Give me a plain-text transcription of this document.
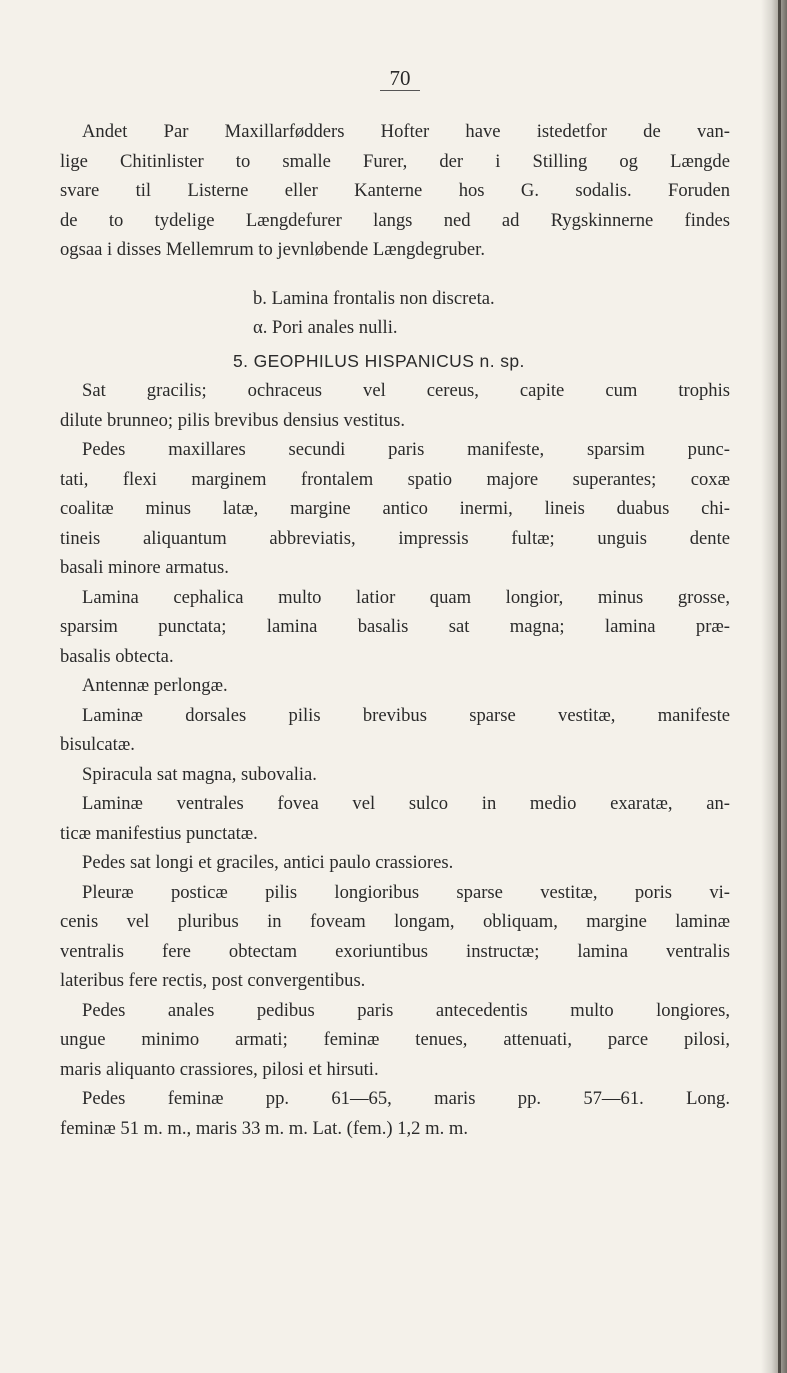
70
Andet Par Maxillarfødders Hofter have istedetfor de van-
lige Chitinlister to smalle Furer, der i Stilling og Længde
svare til Listerne eller Kanterne hos G. sodalis. Foruden
de to tydelige Længdefurer langs ned ad Rygskinnerne findes
ogsaa i disses Mellemrum to jevnløbende Længdegruber.
b. Lamina frontalis non discreta.
α. Pori anales nulli.
5. GEOPHILUS HISPANICUS n. sp.
Sat gracilis; ochraceus vel cereus, capite cum trophis
dilute brunneo; pilis brevibus densius vestitus.
Pedes maxillares secundi paris manifeste, sparsim punc-
tati, flexi marginem frontalem spatio majore superantes; coxæ
coalitæ minus latæ, margine antico inermi, lineis duabus chi-
tineis aliquantum abbreviatis, impressis fultæ; unguis dente
basali minore armatus.
Lamina cephalica multo latior quam longior, minus grosse,
sparsim punctata; lamina basalis sat magna; lamina præ-
basalis obtecta.
Antennæ perlongæ.
Laminæ dorsales pilis brevibus sparse vestitæ, manifeste
bisulcatæ.
Spiracula sat magna, subovalia.
Laminæ ventrales fovea vel sulco in medio exaratæ, an-
ticæ manifestius punctatæ.
Pedes sat longi et graciles, antici paulo crassiores.
Pleuræ posticæ pilis longioribus sparse vestitæ, poris vi-
cenis vel pluribus in foveam longam, obliquam, margine laminæ
ventralis fere obtectam exoriuntibus instructæ; lamina ventralis
lateribus fere rectis, post convergentibus.
Pedes anales pedibus paris antecedentis multo longiores,
ungue minimo armati; feminæ tenues, attenuati, parce pilosi,
maris aliquanto crassiores, pilosi et hirsuti.
Pedes feminæ pp. 61—65, maris pp. 57—61. Long.
feminæ 51 m. m., maris 33 m. m. Lat. (fem.) 1,2 m. m.
